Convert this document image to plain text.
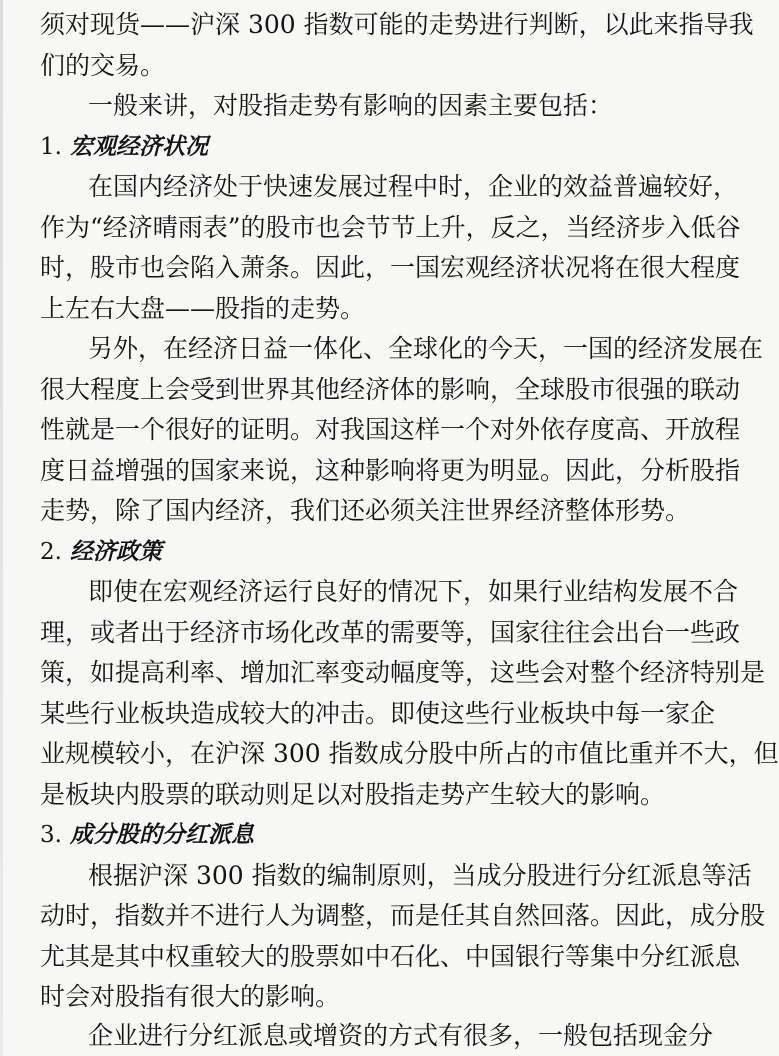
须对现货——沪深 300 指数可能的走势进行判断，以此来指导我
们的交易。
一般来讲，对股指走势有影响的因素主要包括：
1. 宏观经济状况
在国内经济处于快速发展过程中时，企业的效益普遍较好，
作为“经济晴雨表”的股市也会节节上升，反之，当经济步入低谷
时，股市也会陷入萧条。因此，一国宏观经济状况将在很大程度
上左右大盘——股指的走势。
另外，在经济日益一体化、全球化的今天，一国的经济发展在
很大程度上会受到世界其他经济体的影响，全球股市很强的联动
性就是一个很好的证明。对我国这样一个对外依存度高、开放程
度日益增强的国家来说，这种影响将更为明显。因此，分析股指
走势，除了国内经济，我们还必须关注世界经济整体形势。
2. 经济政策
即使在宏观经济运行良好的情况下，如果行业结构发展不合
理，或者出于经济市场化改革的需要等，国家往往会出台一些政
策，如提高利率、增加汇率变动幅度等，这些会对整个经济特别是
某些行业板块造成较大的冲击。即使这些行业板块中每一家企
业规模较小，在沪深 300 指数成分股中所占的市值比重并不大，但
是板块内股票的联动则足以对股指走势产生较大的影响。
3. 成分股的分红派息
根据沪深 300 指数的编制原则，当成分股进行分红派息等活
动时，指数并不进行人为调整，而是任其自然回落。因此，成分股
尤其是其中权重较大的股票如中石化、中国银行等集中分红派息
时会对股指有很大的影响。
企业进行分红派息或增资的方式有很多，一般包括现金分
